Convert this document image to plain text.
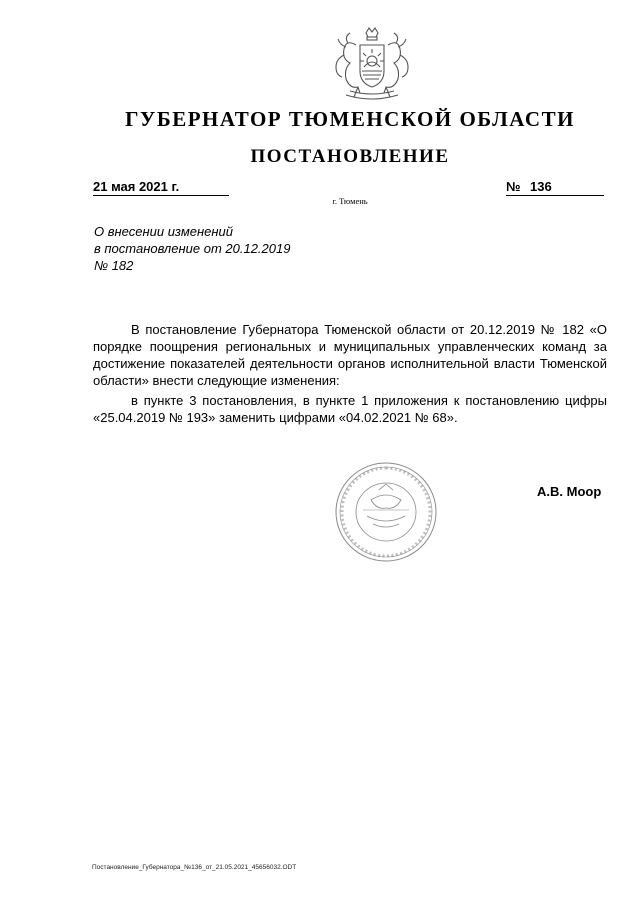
ГУБЕРНАТОР ТЮМЕНСКОЙ ОБЛАСТИ
ПОСТАНОВЛЕНИЕ
21 мая 2021 г.	№ 136
г. Тюмень
О внесении изменений
в постановление от 20.12.2019
№ 182

В постановление Губернатора Тюменской области от 20.12.2019 № 182 «О порядке поощрения региональных и муниципальных управленческих команд за достижение показателей деятельности органов исполнительной власти Тюменской области» внести следующие изменения:

в пункте 3 постановления, в пункте 1 приложения к постановлению цифры «25.04.2019 № 193» заменить цифрами «04.02.2021 № 68».

А.В. Моор
Постановление_Губернатора_№136_от_21.05.2021_45656032.ODT
